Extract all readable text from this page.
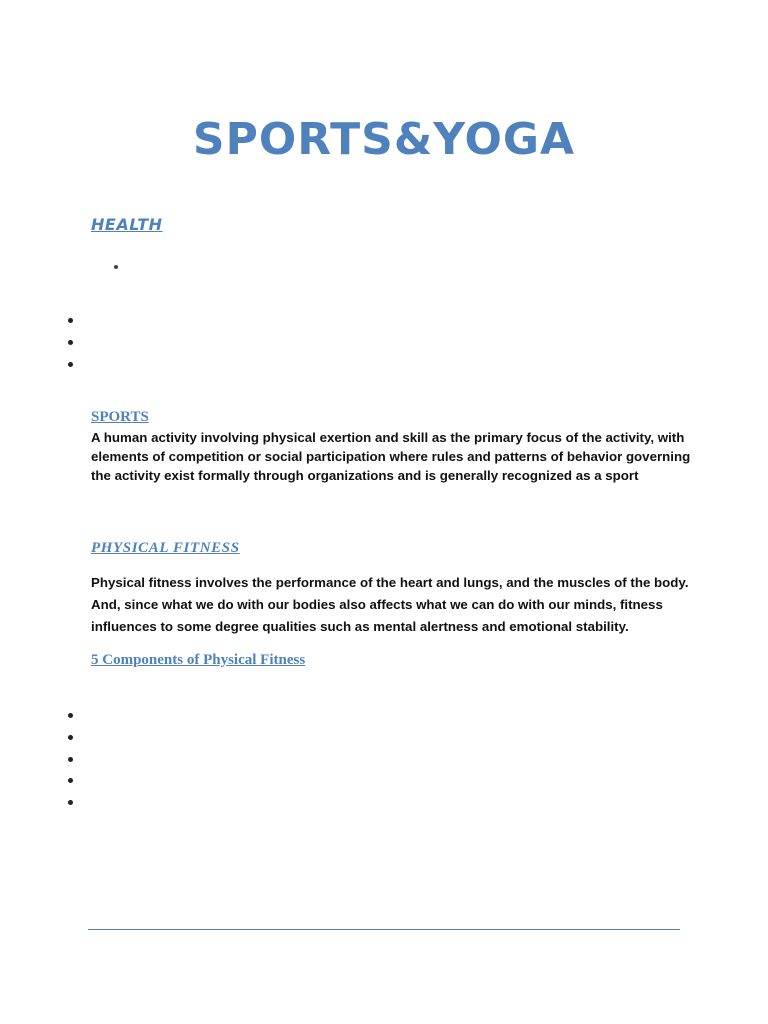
SPORTS&YOGA
HEALTH
SPORTS

A human activity involving physical exertion and skill as the primary focus of the activity, with elements of competition or social participation where rules and patterns of behavior governing the activity exist formally through organizations and is generally recognized as a sport

PHYSICAL FITNESS

Physical fitness involves the performance of the heart and lungs, and the muscles of the body. And, since what we do with our bodies also affects what we can do with our minds, fitness influences to some degree qualities such as mental alertness and emotional stability.

5 Components of Physical Fitness
